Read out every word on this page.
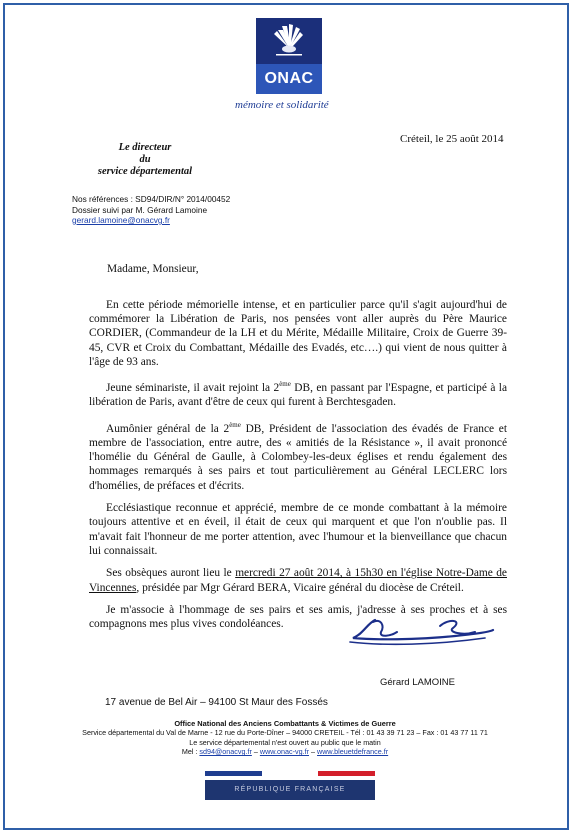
ONAC
mémoire et solidarité
Créteil, le 25 août 2014
Le directeur
du
service départemental
Nos références : SD94/DIR/N° 2014/00452
Dossier suivi par M. Gérard Lamoine
gerard.lamoine@onacvg.fr
Madame, Monsieur,

En cette période mémorielle intense, et en particulier parce qu'il s'agit aujourd'hui de commémorer la Libération de Paris, nos pensées vont aller auprès du Père Maurice CORDIER, (Commandeur de la LH et du Mérite, Médaille Militaire, Croix de Guerre 39-45, CVR et Croix du Combattant, Médaille des Evadés, etc….) qui vient de nous quitter à l'âge de 93 ans.

Jeune séminariste, il avait rejoint la 2ème DB, en passant par l'Espagne, et participé à la libération de Paris, avant d'être de ceux qui furent à Berchtesgaden.

Aumônier général de la 2ème DB, Président de l'association des évadés de France et membre de l'association, entre autre, des « amitiés de la Résistance », il avait prononcé l'homélie du Général de Gaulle, à Colombey-les-deux églises et rendu également des hommages remarqués à ses pairs et tout particulièrement au Général LECLERC lors d'homélies, de préfaces et d'écrits.

Ecclésiastique reconnue et apprécié, membre de ce monde combattant à la mémoire toujours attentive et en éveil, il était de ceux qui marquent et que l'on n'oublie pas. Il m'avait fait l'honneur de me porter attention, avec l'humour et la bienveillance que chacun lui connaissait.

Ses obsèques auront lieu le mercredi 27 août 2014, à 15h30 en l'église Notre-Dame de Vincennes, présidée par Mgr Gérard BERA, Vicaire général du diocèse de Créteil.

Je m'associe à l'hommage de ses pairs et ses amis, j'adresse à ses proches et à ses compagnons mes plus vives condoléances.

Gérard LAMOINE
17 avenue de Bel Air – 94100 St Maur des Fossés
Office National des Anciens Combattants & Victimes de Guerre
Service départemental du Val de Marne - 12 rue du Porte-Dîner – 94000 CRETEIL - Tél : 01 43 39 71 23 – Fax : 01 43 77 11 71
Le service départemental n'est ouvert au public que le matin
Mel : sd94@onacvg.fr – www.onac-vg.fr – www.bleuetdefrance.fr
RÉPUBLIQUE FRANÇAISE
